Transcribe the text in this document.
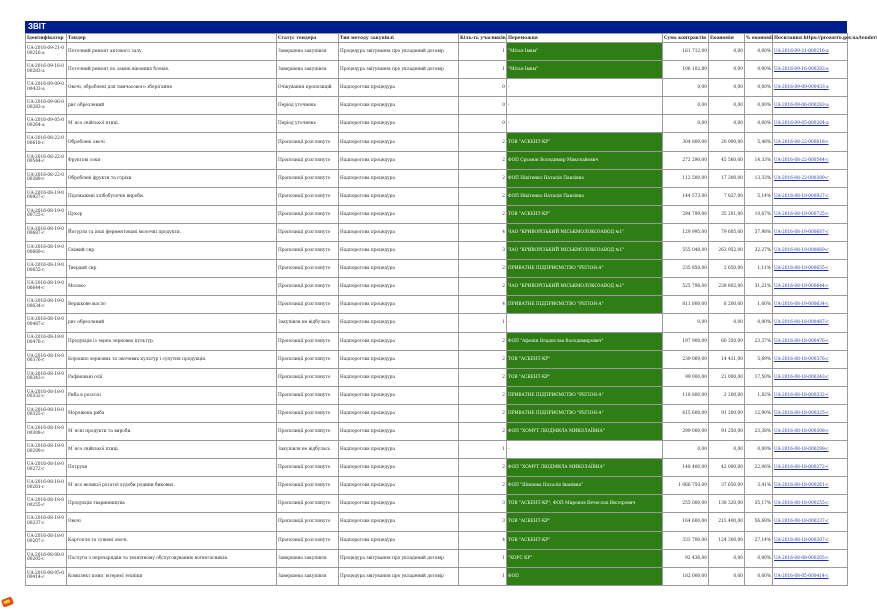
ЗВІТ
Ідентифікатор	Тендер	Статус тендера	Тип методу закупівлі	Кіль-ть учасників	Переможця	Сума контрактів	Економія	% економії	Посилання https://prozorro.gov.ua/tender/
UA-2016-09-21-000216-a	Поточний ремонт актового залу.	Завершена закупівля	Процедура звітування про укладений договір	1	"Мітал-Імкм"	161 712,00	0,00	0,00%	UA-2016-09-21-000216-a
UA-2016-09-16-000283-a	Поточний ремонт по заміні віконних блоків.	Завершена закупівля	Процедура звітування про укладений договір	1	"Мітал-Імкм"	106 102,80	0,00	0,00%	UA-2016-09-16-000283-a
UA-2016-09-09-000433-a	Овочі, оброблені для тимчасового зберігання	Очікування пропозицій	Надпорогова процедура	0	-	0,00	0,00	0,00%	UA-2016-09-09-000433-a
UA-2016-09-06-000283-a	рис обрезлений	Період уточнень	Надпорогова процедура	0	-	0,00	0,00	0,00%	UA-2016-09-06-000283-a
UA-2016-09-05-000264-a	М`ясо свійської птиці.	Період уточнень	Надпорогова процедура	0	-	0,00	0,00	0,00%	UA-2016-09-05-000264-a
UA-2016-08-22-000618-c	Оброблені овочі	Пропозиції розглянуто	Надпорогова процедура	2	ТОВ "АСКЕНТ-КР"	304 800,00	20 900,00	5,48%	UA-2016-08-22-000618-c
UA-2016-08-22-000544-c	Фруктові соки	Пропозиції розглянуто	Надпорогова процедура	2	ФОП Срьомін Володимир Миколайович	272 290,00	45 560,00	14,33%	UA-2016-08-22-000544-c
UA-2016-08-22-000389-c	Оброблені фрукти та горіхи	Пропозиції розглянуто	Надпорогова процедура	2	ФОП Нікітенко Наталія Павлівна	112 500,00	17 300,00	13,33%	UA-2016-08-22-000389-c
UA-2016-08-19-000927-c	Підсмажені хлібобулочні вироби.	Пропозиції розглянуто	Надпорогова процедура	2	ФОП Нікітенко Наталія Павлівна	144 573,00	7 827,00	5,14%	UA-2016-08-19-000927-c
UA-2016-08-19-000725-c	Цукор	Пропозиції розглянуто	Надпорогова процедура	2	ТОВ "АСКЕНТ-КР"	294 799,00	35 201,00	10,67%	UA-2016-08-19-000725-c
UA-2016-08-19-000687-c	Йогурти та інші ферментовані молочні продукти.	Пропозиції розглянуто	Надпорогова процедура	4	ЧАО "КРИВОРІЗЬКИЙ МІСЬКМОЛОКОЗАВОД №1"	129 995,00	79 605,00	37,98%	UA-2016-08-19-000687-c
UA-2016-08-19-000669-c	Свіжий сир	Пропозиції розглянуто	Надпорогова процедура	3	ЧАО "КРИВОРІЗЬКИЙ МІСЬКМОЛОКОЗАВОД №1"	555 048,00	263 952,00	32,27%	UA-2016-08-19-000669-c
UA-2016-08-19-000655-c	Твердий сир	Пропозиції розглянуто	Надпорогова процедура	2	ПРИВАТНЕ ПІДПРИЄМСТВО "РЕГІОН-А"	235 850,00	2 650,00	1,11%	UA-2016-08-19-000655-c
UA-2016-08-19-000644-c	Молоко	Пропозиції розглянуто	Надпорогова процедура	2	ЧАО "КРИВОРІЗЬКИЙ МІСЬКМОЛОКОЗАВОД №1"	525 798,00	238 602,00	31,21%	UA-2016-08-19-000644-c
UA-2016-08-19-000634-c	Вершкове масло	Пропозиції розглянуто	Надпорогова процедура	4	ПРИВАТНЕ ПІДПРИЄМСТВО "РЕГІОН-А"	811 800,00	8 200,00	1,00%	UA-2016-08-19-000634-c
UA-2016-08-18-000487-c	рис обрезлений	Закупівля не відбулась	Надпорогова процедура	1	-	0,00	0,00	0,00%	UA-2016-08-18-000487-c
UA-2016-08-18-000476-c	Продукція із зерна зернових культур.	Пропозиції розглянуто	Надпорогова процедура	2	ФОП "Афонін Владислав Володимирович"	197 900,00	60 350,00	23,37%	UA-2016-08-18-000476-c
UA-2016-08-18-000376-c	Борошно зернових та овочевих культур і супутня продукція.	Пропозиції розглянуто	Надпорогова процедура	2	ТОВ "АСКЕНТ-КР"	239 069,00	14 431,00	5,69%	UA-2016-08-18-000376-c
UA-2016-08-18-000343-c	Рафіновані олії	Пропозиції розглянуто	Надпорогова процедура	2	ТОВ "АСКЕНТ-КР"	99 000,00	21 000,00	17,50%	UA-2016-08-18-000343-c
UA-2016-08-18-000332-c	Риба в розсолі	Пропозиції розглянуто	Надпорогова процедура	2	ПРИВАТНЕ ПІДПРИЄМСТВО "РЕГІОН-А"	118 800,00	2 200,00	1,82%	UA-2016-08-18-000332-c
UA-2016-08-18-000325-c	Морожена риба	Пропозиції розглянуто	Надпорогова процедура	2	ПРИВАТНЕ ПІДПРИЄМСТВО "РЕГІОН-А"	615 600,00	91 200,00	12,90%	UA-2016-08-18-000325-c
UA-2016-08-18-000308-c	М`ясні продукти та вироби.	Пропозиції розглянуто	Надпорогова процедура	2	ФОП "ХОМУТ ЛЮДМИЛА МИКОЛАЇВНА"	299 000,00	91 250,00	23,38%	UA-2016-08-18-000308-c
UA-2016-08-18-000299-c	М`ясо свійської птиці.	Закупівля не відбулась	Надпорогова процедура	1	-	0,00	0,00	0,00%	UA-2016-08-18-000299-c
UA-2016-08-18-000272-c	Потрухи	Пропозиції розглянуто	Надпорогова процедура	2	ФОП "ХОМУТ ЛЮДМИЛА МИКОЛАЇВНА"	148 400,00	42 000,00	22,06%	UA-2016-08-18-000272-c
UA-2016-08-18-000261-c	М`ясо великої рогатої худоби родини бикових.	Пропозиції розглянуто	Надпорогова процедура	2	ФОП "Шишова Наталія Іванівна"	1 066 750,00	37 650,00	3,41%	UA-2016-08-18-000261-c
UA-2016-08-18-000255-c	Продукція тваринництва	Пропозиції розглянуто	Надпорогова процедура	3	ТОВ "АСКЕНТ-КР"; ФОП Миронов Вячеслав Вікторович	255 000,00	138 320,00	35,17%	UA-2016-08-18-000255-c
UA-2016-08-18-000237-c	Овочі	Пропозиції розглянуто	Надпорогова процедура	3	ТОВ "АСКЕНТ-КР"	164 600,00	215 400,00	56,68%	UA-2016-08-18-000237-c
UA-2016-08-18-000207-c	Картопля та сушені овочі.	Пропозиції розглянуто	Надпорогова процедура	4	ТОВ "АСКЕНТ-КР"	333 700,00	124 300,00	27,14%	UA-2016-08-18-000207-c
UA-2016-08-08-000205-c	Послуги з перезарядки та технічному обслуговуванню вогнегасників.	Завершена закупівля	Процедура звітування про укладений договір	1	"ХОРС КР"	92 436,00	0,00	0,00%	UA-2016-08-08-000205-c
UA-2016-08-05-000414-c	Комплект комп`ютерної техніки	Завершена закупівля	Процедура звітування про укладений договір	1	ФОП	182 000,00	0,00	0,00%	UA-2016-08-05-000414-c
